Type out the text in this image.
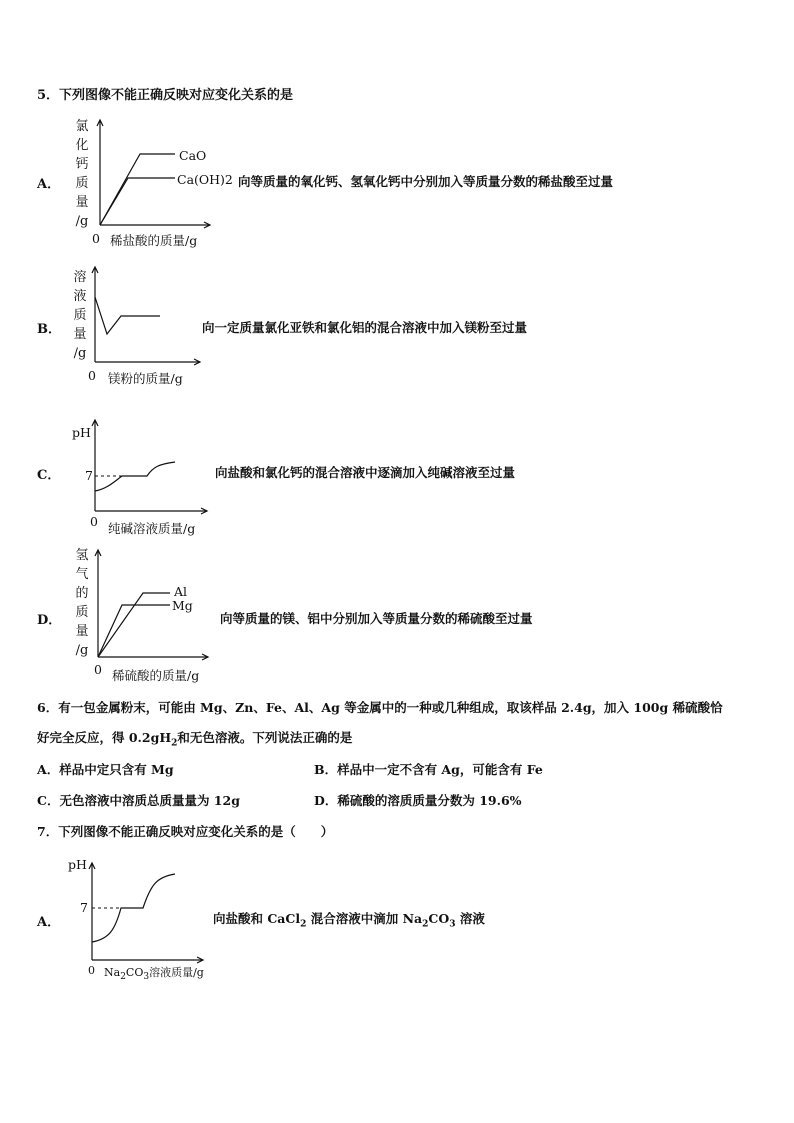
5．下列图像不能正确反映对应变化关系的是
A．
氯
化
钙
质
量
/g
CaO
Ca(OH)2 向等质量的氧化钙、氢氧化钙中分别加入等质量分数的稀盐酸至过量
0 稀盐酸的质量/g
B．
溶
液
质
量
/g
向一定质量氯化亚铁和氯化铝的混合溶液中加入镁粉至过量
0 镁粉的质量/g
C．
pH
7	向盐酸和氯化钙的混合溶液中逐滴加入纯碱溶液至过量
0 纯碱溶液质量/g
D．
氢
气
的
质
量
/g
Al
Mg
向等质量的镁、铝中分别加入等质量分数的稀硫酸至过量
0 稀硫酸的质量/g
6．有一包金属粉末，可能由 Mg、Zn、Fe、Al、Ag 等金属中的一种或几种组成，取该样品 2.4g，加入 100g 稀硫酸恰
好完全反应，得 $0.2gH_2$和无色溶液。下列说法正确的是
A．样品中定只含有 Mg	B．样品中一定不含有 Ag，可能含有 Fe
C．无色溶液中溶质总质量量为 12g	D．稀硫酸的溶质质量分数为 19.6%
7．下列图像不能正确反映对应变化关系的是（　　）
A．
pH
7
向盐酸和 CaCl$_2$ 混合溶液中滴加 $Na_2CO_3$ 溶液
0 $Na_2CO_3$溶液质量/g
